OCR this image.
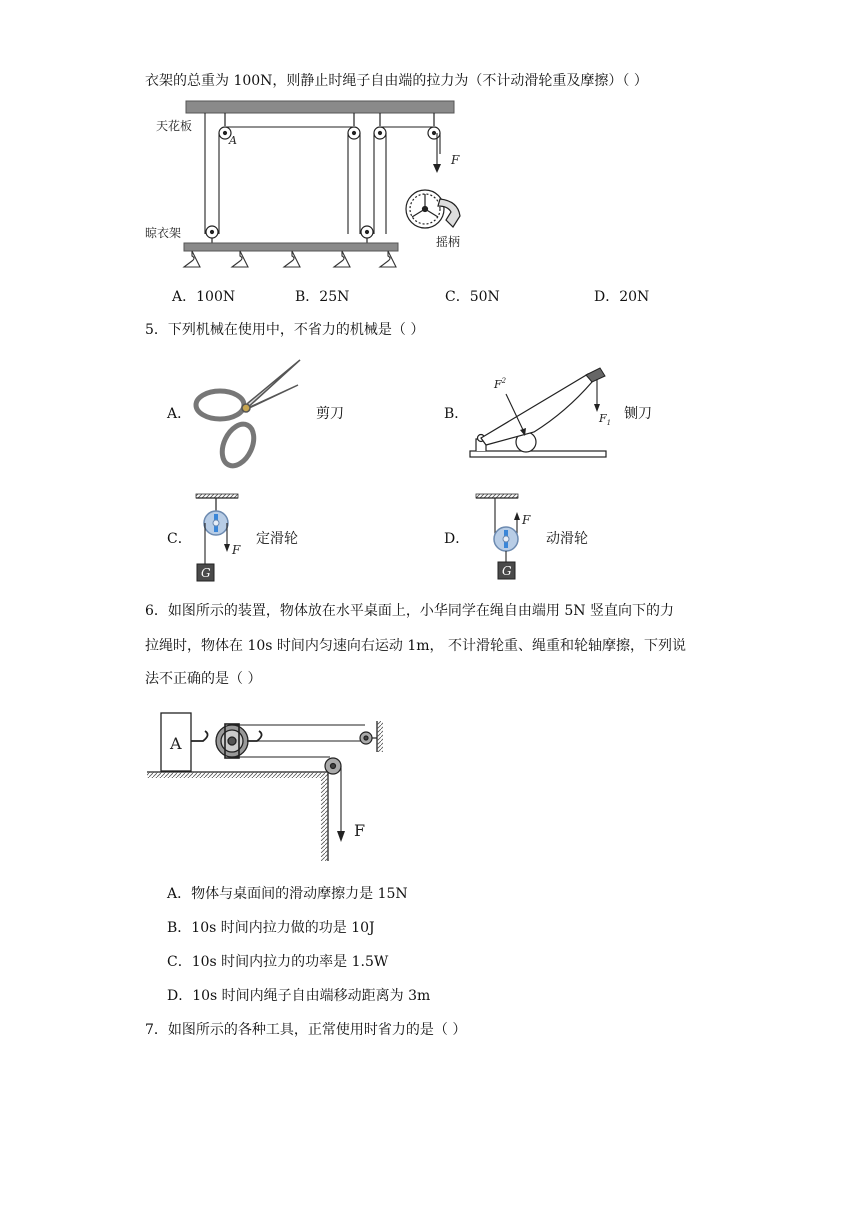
衣架的总重为 100N，则静止时绳子自由端的拉力为（不计动滑轮重及摩擦）（ ）
天花板
A
F
摇柄
晾衣架
A．100N	B．25N	C．50N	D．20N
5．下列机械在使用中，不省力的机械是（ ）
A．	剪刀	B．	$F_1$
$F^2$
铡刀
C．
F
G
定滑轮	D．
F
G
动滑轮
6．如图所示的装置，物体放在水平桌面上，小华同学在绳自由端用 5N 竖直向下的力
拉绳时，物体在 10s 时间内匀速向右运动 1m， 不计滑轮重、绳重和轮轴摩擦，下列说
法不正确的是（ ）
A
F
A．物体与桌面间的滑动摩擦力是 15N
B．10s 时间内拉力做的功是 10J
C．10s 时间内拉力的功率是 1.5W
D．10s 时间内绳子自由端移动距离为 3m
7．如图所示的各种工具，正常使用时省力的是（ ）
